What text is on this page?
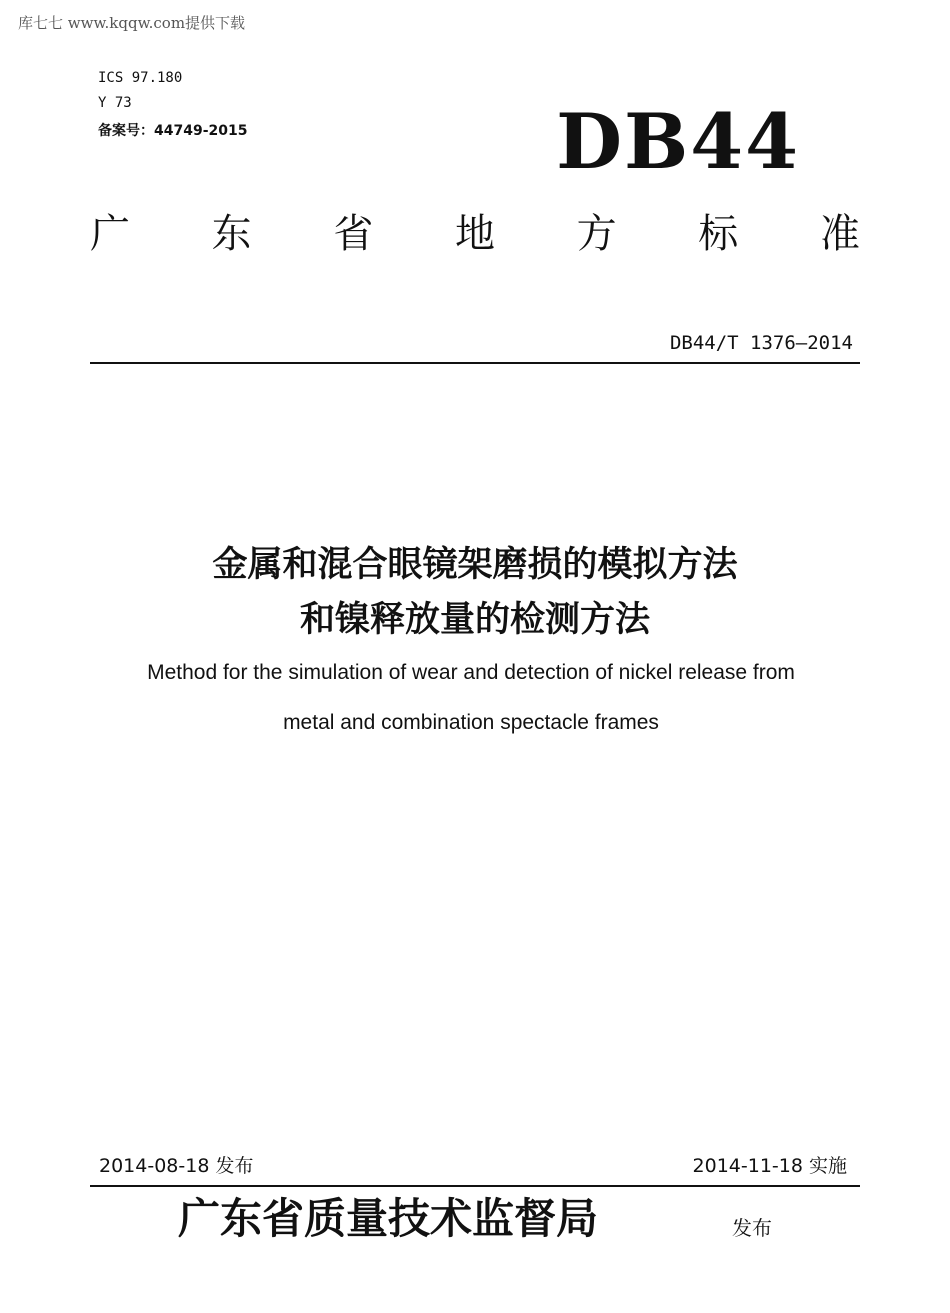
库七七 www.kqqw.com提供下载
ICS 97.180
Y 73
备案号：44749-2015	DB44
广 东 省 地 方 标 准
DB44/T 1376—2014
金属和混合眼镜架磨损的模拟方法
和镍释放量的检测方法
Method for the simulation of wear and detection of nickel release from
metal and combination spectacle frames
2014-08-18 发布	2014-11-18 实施
广东省质量技术监督局	发布
